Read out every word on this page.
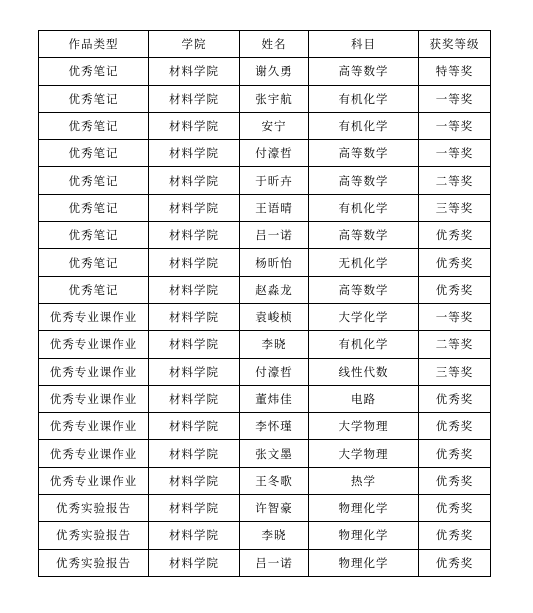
作品类型	学院	姓名	科目	获奖等级
优秀笔记	材料学院	谢久勇	高等数学	特等奖
优秀笔记	材料学院	张宇航	有机化学	一等奖
优秀笔记	材料学院	安宁	有机化学	一等奖
优秀笔记	材料学院	付濠哲	高等数学	一等奖
优秀笔记	材料学院	于昕卉	高等数学	二等奖
优秀笔记	材料学院	王语晴	有机化学	三等奖
优秀笔记	材料学院	吕一诺	高等数学	优秀奖
优秀笔记	材料学院	杨昕怡	无机化学	优秀奖
优秀笔记	材料学院	赵淼龙	高等数学	优秀奖
优秀专业课作业	材料学院	袁峻桢	大学化学	一等奖
优秀专业课作业	材料学院	李晓	有机化学	二等奖
优秀专业课作业	材料学院	付濠哲	线性代数	三等奖
优秀专业课作业	材料学院	董炜佳	电路	优秀奖
优秀专业课作业	材料学院	李怀瑾	大学物理	优秀奖
优秀专业课作业	材料学院	张文墨	大学物理	优秀奖
优秀专业课作业	材料学院	王冬歌	热学	优秀奖
优秀实验报告	材料学院	许智豪	物理化学	优秀奖
优秀实验报告	材料学院	李晓	物理化学	优秀奖
优秀实验报告	材料学院	吕一诺	物理化学	优秀奖
